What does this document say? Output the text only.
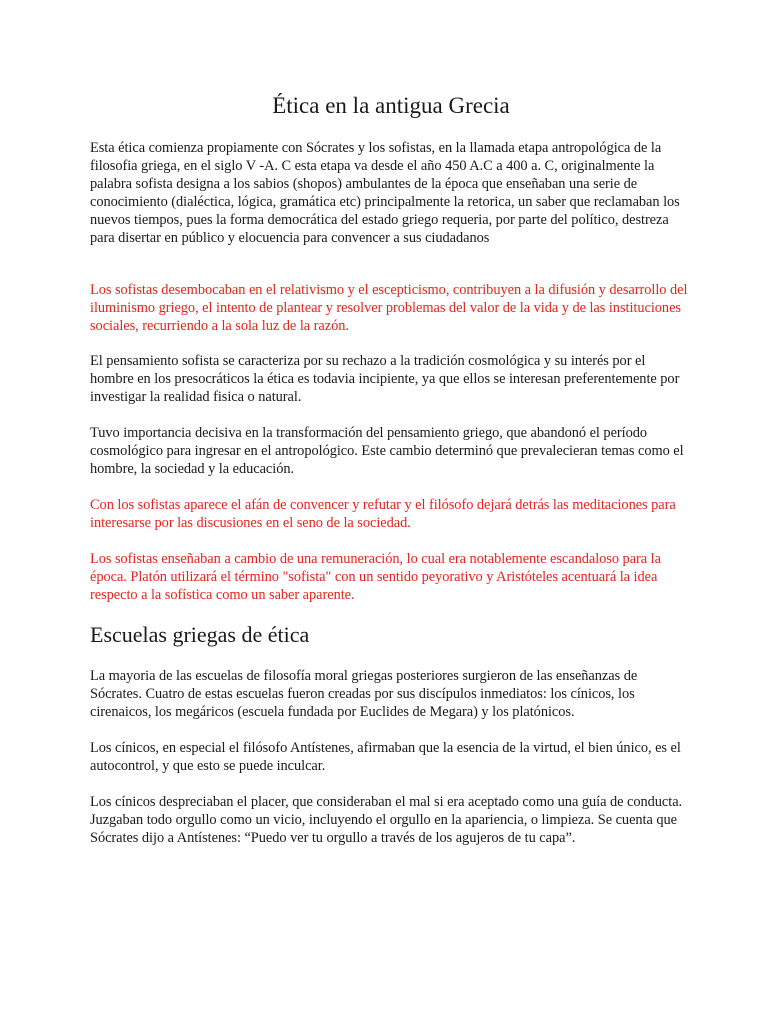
Ética en la antigua Grecia

Esta ética comienza propiamente con Sócrates y los sofistas, en la llamada etapa antropológica de la filosofia griega, en el siglo V -A. C esta etapa va desde el año 450 A.C a 400 a. C, originalmente la palabra sofista designa a los sabios (shopos) ambulantes de la época que enseñaban una serie de conocimiento (dialéctica, lógica, gramática etc) principalmente la retorica, un saber que reclamaban los nuevos tiempos, pues la forma democrática del estado griego requeria, por parte del político, destreza para disertar en público y elocuencia para convencer a sus ciudadanos

Los sofistas desembocaban en el relativismo y el escepticismo, contribuyen a la difusión y desarrollo del iluminismo griego, el intento de plantear y resolver problemas del valor de la vida y de las instituciones sociales, recurriendo a la sola luz de la razón.

El pensamiento sofista se caracteriza por su rechazo a la tradición cosmológica y su interés por el hombre en los presocráticos la ética es todavia incipiente, ya que ellos se interesan preferentemente por investigar la realidad fisica o natural.

Tuvo importancia decisiva en la transformación del pensamiento griego, que abandonó el período cosmológico para ingresar en el antropológico. Este cambio determinó que prevalecieran temas como el hombre, la sociedad y la educación.

Con los sofistas aparece el afán de convencer y refutar y el filósofo dejará detrás las meditaciones para interesarse por las discusiones en el seno de la sociedad.

Los sofistas enseñaban a cambio de una remuneración, lo cual era notablemente escandaloso para la época. Platón utilizará el término "sofista" con un sentido peyorativo y Aristóteles acentuará la idea respecto a la sofística como un saber aparente.

Escuelas griegas de ética

La mayoria de las escuelas de filosofía moral griegas posteriores surgieron de las enseñanzas de Sócrates. Cuatro de estas escuelas fueron creadas por sus discípulos inmediatos: los cínicos, los cirenaicos, los megáricos (escuela fundada por Euclides de Megara) y los platónicos.

Los cínicos, en especial el filósofo Antístenes, afirmaban que la esencia de la virtud, el bien único, es el autocontrol, y que esto se puede inculcar.

Los cínicos despreciaban el placer, que consideraban el mal si era aceptado como una guía de conducta. Juzgaban todo orgullo como un vicio, incluyendo el orgullo en la apariencia, o limpieza. Se cuenta que Sócrates dijo a Antístenes: “Puedo ver tu orgullo a través de los agujeros de tu capa”.
